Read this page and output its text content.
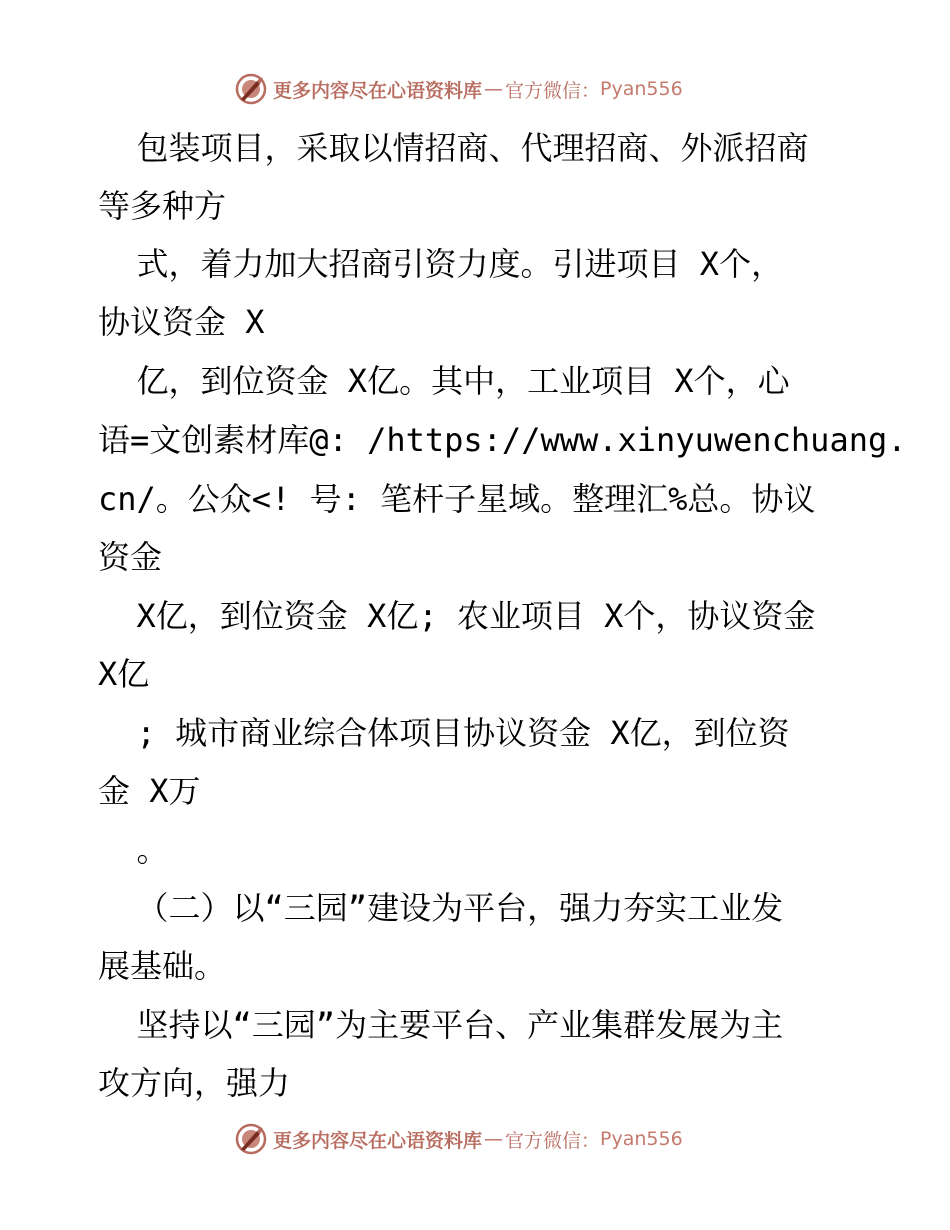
更多内容尽在心语资料库 — 官方微信： Pyan556
包装项目，采取以情招商、代理招商、外派招商
等多种方
式，着力加大招商引资力度。引进项目 X个，
协议资金 X
亿，到位资金 X亿。其中，工业项目 X个，心
语=文创素材库@: /https://www.xinyuwenchuang.
cn/。公众<! 号: 笔杆子星域。整理汇%总。协议
资金
X亿，到位资金 X亿; 农业项目 X个，协议资金
X亿
; 城市商业综合体项目协议资金 X亿，到位资
金 X万
。
（二）以“三园”建设为平台，强力夯实工业发
展基础。
坚持以“三园”为主要平台、产业集群发展为主
攻方向，强力
更多内容尽在心语资料库 — 官方微信： Pyan556
